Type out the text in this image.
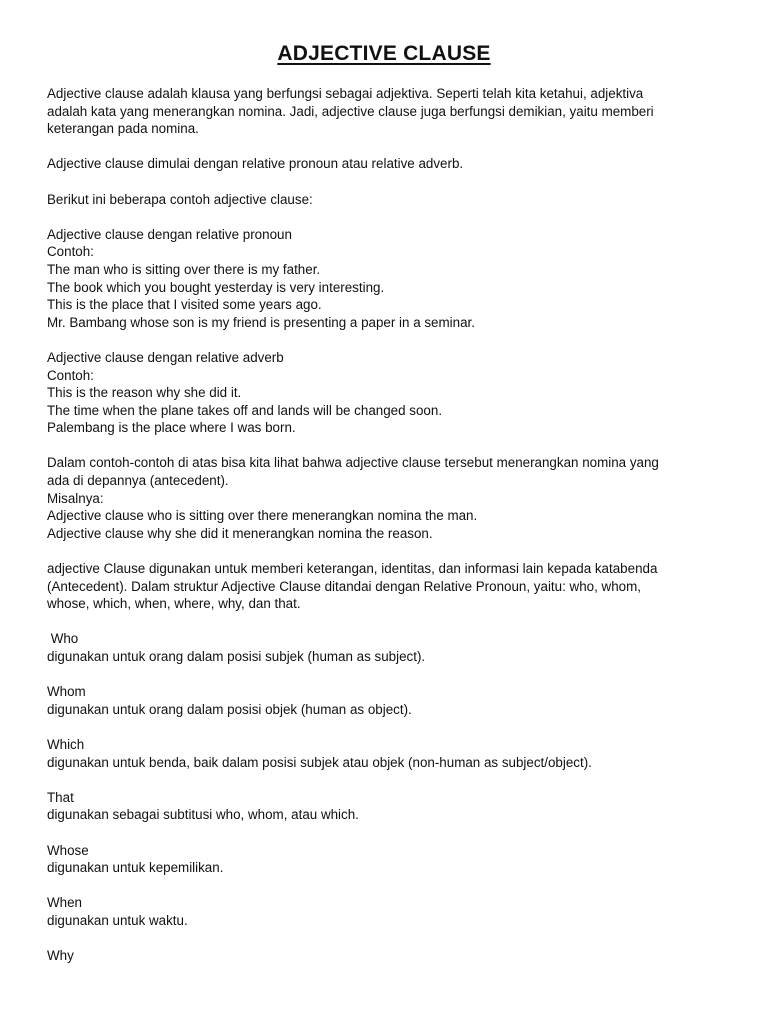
ADJECTIVE CLAUSE
Adjective clause adalah klausa yang berfungsi sebagai adjektiva. Seperti telah kita ketahui, adjektiva
adalah kata yang menerangkan nomina. Jadi, adjective clause juga berfungsi demikian, yaitu memberi
keterangan pada nomina.
Adjective clause dimulai dengan relative pronoun atau relative adverb.
Berikut ini beberapa contoh adjective clause:
Adjective clause dengan relative pronoun
Contoh:
The man who is sitting over there is my father.
The book which you bought yesterday is very interesting.
This is the place that I visited some years ago.
Mr. Bambang whose son is my friend is presenting a paper in a seminar.
Adjective clause dengan relative adverb
Contoh:
This is the reason why she did it.
The time when the plane takes off and lands will be changed soon.
Palembang is the place where I was born.
Dalam contoh-contoh di atas bisa kita lihat bahwa adjective clause tersebut menerangkan nomina yang
ada di depannya (antecedent).
Misalnya:
Adjective clause who is sitting over there menerangkan nomina the man.
Adjective clause why she did it menerangkan nomina the reason.
adjective Clause digunakan untuk memberi keterangan, identitas, dan informasi lain kepada katabenda
(Antecedent). Dalam struktur Adjective Clause ditandai dengan Relative Pronoun, yaitu: who, whom,
whose, which, when, where, why, dan that.
Who
digunakan untuk orang dalam posisi subjek (human as subject).
Whom
digunakan untuk orang dalam posisi objek (human as object).
Which
digunakan untuk benda, baik dalam posisi subjek atau objek (non-human as subject/object).
That
digunakan sebagai subtitusi who, whom, atau which.
Whose
digunakan untuk kepemilikan.
When
digunakan untuk waktu.
Why
